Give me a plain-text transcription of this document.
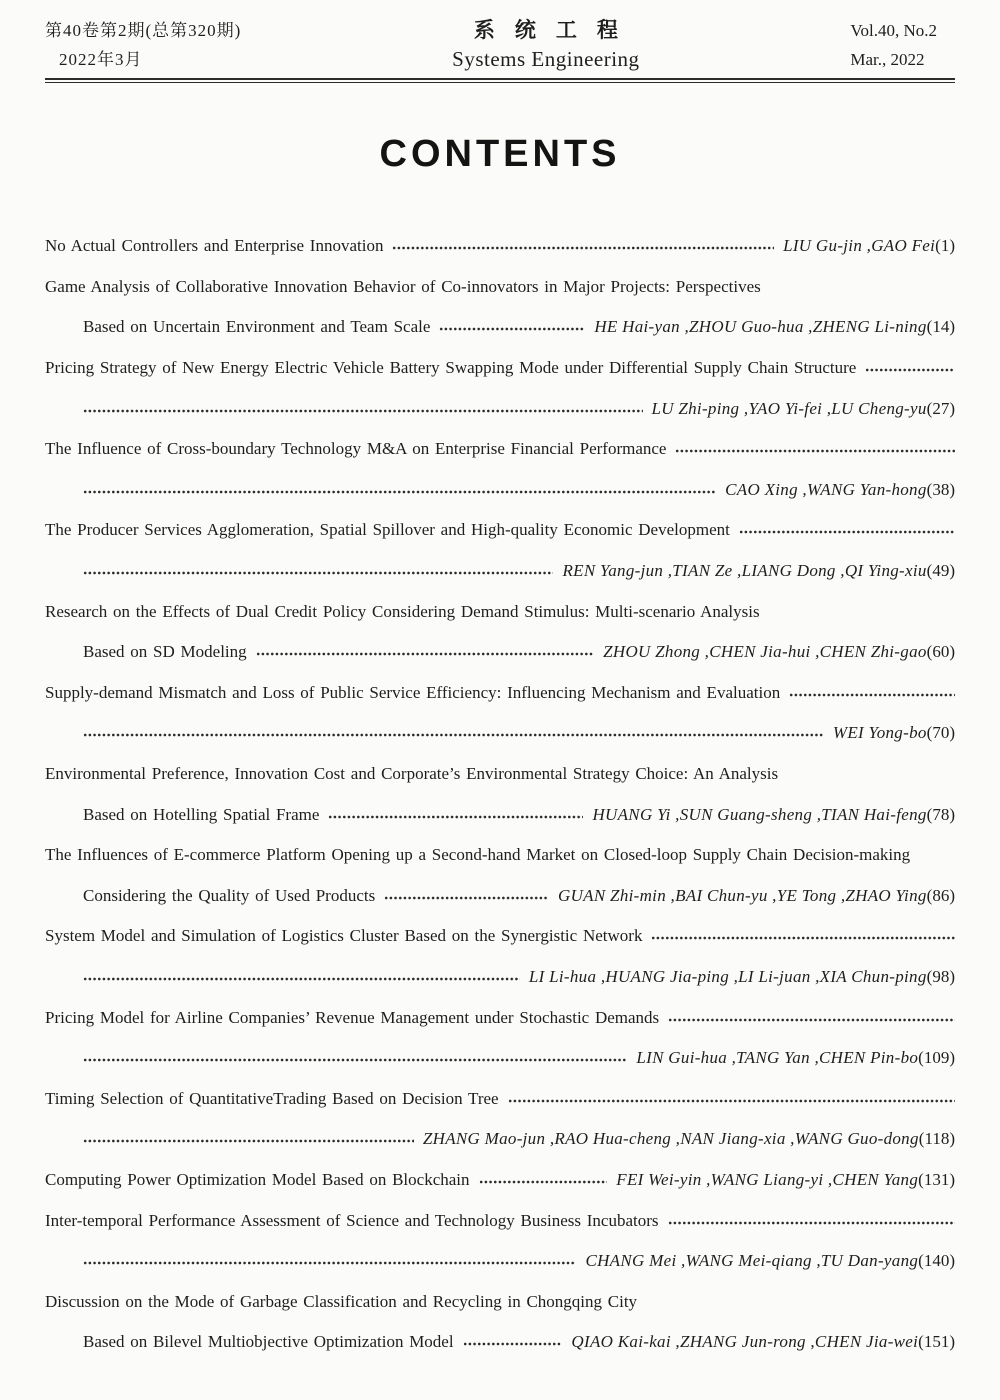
第40卷第2期(总第320期)
2022年3月
系统工程
Systems Engineering
Vol.40, No.2
Mar., 2022
CONTENTS
No Actual Controllers and Enterprise Innovation	LIU Gu-jin ,GAO Fei (1)
Game Analysis of Collaborative Innovation Behavior of Co-innovators in Major Projects: Perspectives
Based on Uncertain Environment and Team Scale	HE Hai-yan ,ZHOU Guo-hua ,ZHENG Li-ning (14)
Pricing Strategy of New Energy Electric Vehicle Battery Swapping Mode under Differential Supply Chain Structure
LU Zhi-ping ,YAO Yi-fei ,LU Cheng-yu (27)
The Influence of Cross-boundary Technology M&A on Enterprise Financial Performance
CAO Xing ,WANG Yan-hong (38)
The Producer Services Agglomeration, Spatial Spillover and High-quality Economic Development
REN Yang-jun ,TIAN Ze ,LIANG Dong ,QI Ying-xiu (49)
Research on the Effects of Dual Credit Policy Considering Demand Stimulus: Multi-scenario Analysis
Based on SD Modeling	ZHOU Zhong ,CHEN Jia-hui ,CHEN Zhi-gao (60)
Supply-demand Mismatch and Loss of Public Service Efficiency: Influencing Mechanism and Evaluation
WEI Yong-bo (70)
Environmental Preference, Innovation Cost and Corporate’s Environmental Strategy Choice: An Analysis
Based on Hotelling Spatial Frame	HUANG Yi ,SUN Guang-sheng ,TIAN Hai-feng (78)
The Influences of E-commerce Platform Opening up a Second-hand Market on Closed-loop Supply Chain Decision-making
Considering the Quality of Used Products	GUAN Zhi-min ,BAI Chun-yu ,YE Tong ,ZHAO Ying (86)
System Model and Simulation of Logistics Cluster Based on the Synergistic Network
LI Li-hua ,HUANG Jia-ping ,LI Li-juan ,XIA Chun-ping (98)
Pricing Model for Airline Companies’ Revenue Management under Stochastic Demands
LIN Gui-hua ,TANG Yan ,CHEN Pin-bo (109)
Timing Selection of QuantitativeTrading Based on Decision Tree
ZHANG Mao-jun ,RAO Hua-cheng ,NAN Jiang-xia ,WANG Guo-dong (118)
Computing Power Optimization Model Based on Blockchain	FEI Wei-yin ,WANG Liang-yi ,CHEN Yang (131)
Inter-temporal Performance Assessment of Science and Technology Business Incubators
CHANG Mei ,WANG Mei-qiang ,TU Dan-yang (140)
Discussion on the Mode of Garbage Classification and Recycling in Chongqing City
Based on Bilevel Multiobjective Optimization Model	QIAO Kai-kai ,ZHANG Jun-rong ,CHEN Jia-wei (151)
